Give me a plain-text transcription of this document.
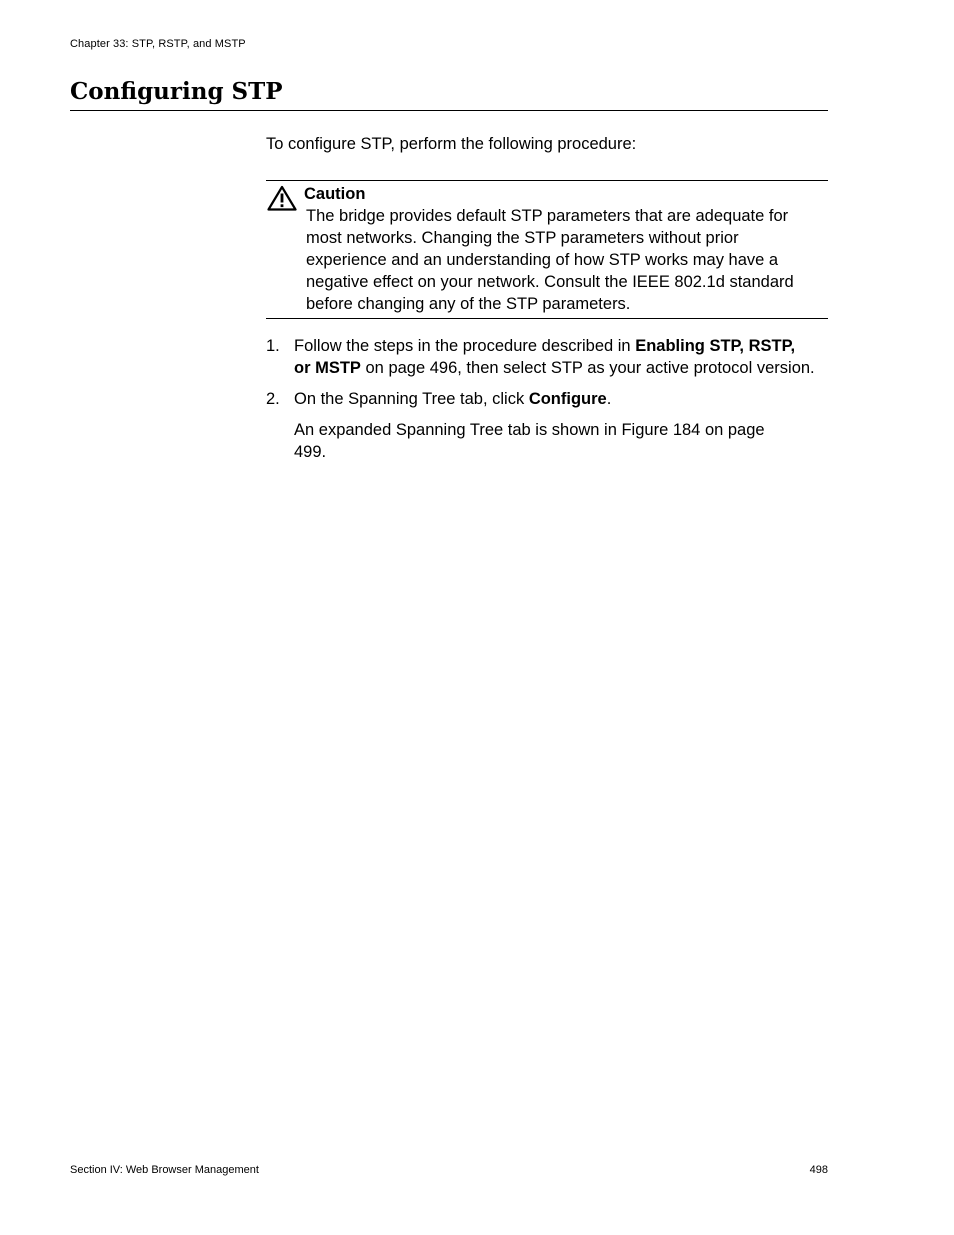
Chapter 33: STP, RSTP, and MSTP
Configuring STP
To configure STP, perform the following procedure:
Caution
The bridge provides default STP parameters that are adequate for
most networks. Changing the STP parameters without prior
experience and an understanding of how STP works may have a
negative effect on your network. Consult the IEEE 802.1d standard
before changing any of the STP parameters.
1. Follow the steps in the procedure described in Enabling STP, RSTP,
or MSTP on page 496, then select STP as your active protocol version.
2. On the Spanning Tree tab, click Configure.
An expanded Spanning Tree tab is shown in Figure 184 on page
499.
Section IV: Web Browser Management	498
